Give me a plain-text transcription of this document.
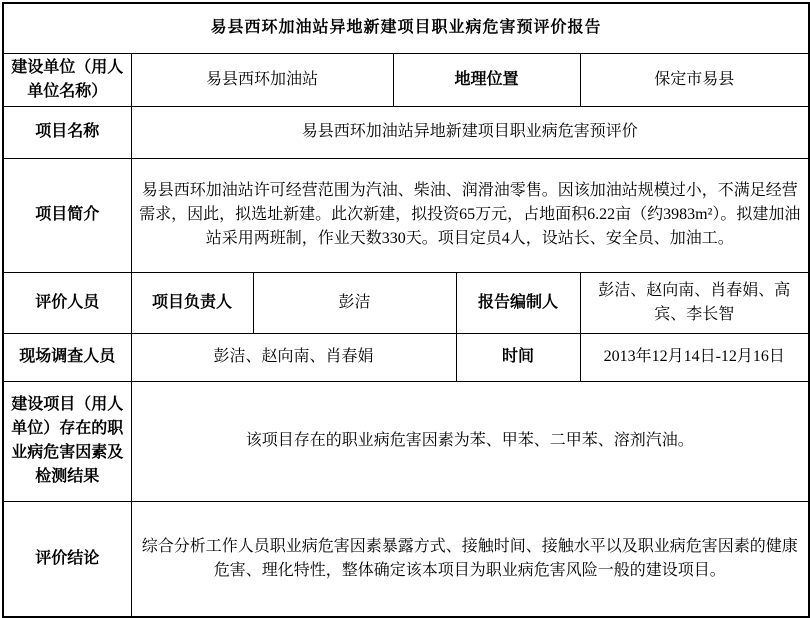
易县西环加油站异地新建项目职业病危害预评价报告					
建设单位（用人单位名称）	易县西环加油站		地理位置		保定市易县
项目名称	易县西环加油站异地新建项目职业病危害预评价				
项目简介	易县西环加油站许可经营范围为汽油、柴油、润滑油零售。因该加油站规模过小，不满足经营需求，因此，拟选址新建。此次新建，拟投资65万元，占地面积6.22亩（约3983m²）。拟建加油站采用两班制，作业天数330天。项目定员4人，设站长、安全员、加油工。				
评价人员	项目负责人	彭洁		报告编制人	彭洁、赵向南、肖春娟、高宾、李长智
现场调查人员	彭洁、赵向南、肖春娟			时间	2013年12月14日-12月16日
建设项目（用人单位）存在的职业病危害因素及检测结果	该项目存在的职业病危害因素为苯、甲苯、二甲苯、溶剂汽油。				
评价结论	综合分析工作人员职业病危害因素暴露方式、接触时间、接触水平以及职业病危害因素的健康危害、理化特性，整体确定该本项目为职业病危害风险一般的建设项目。				
